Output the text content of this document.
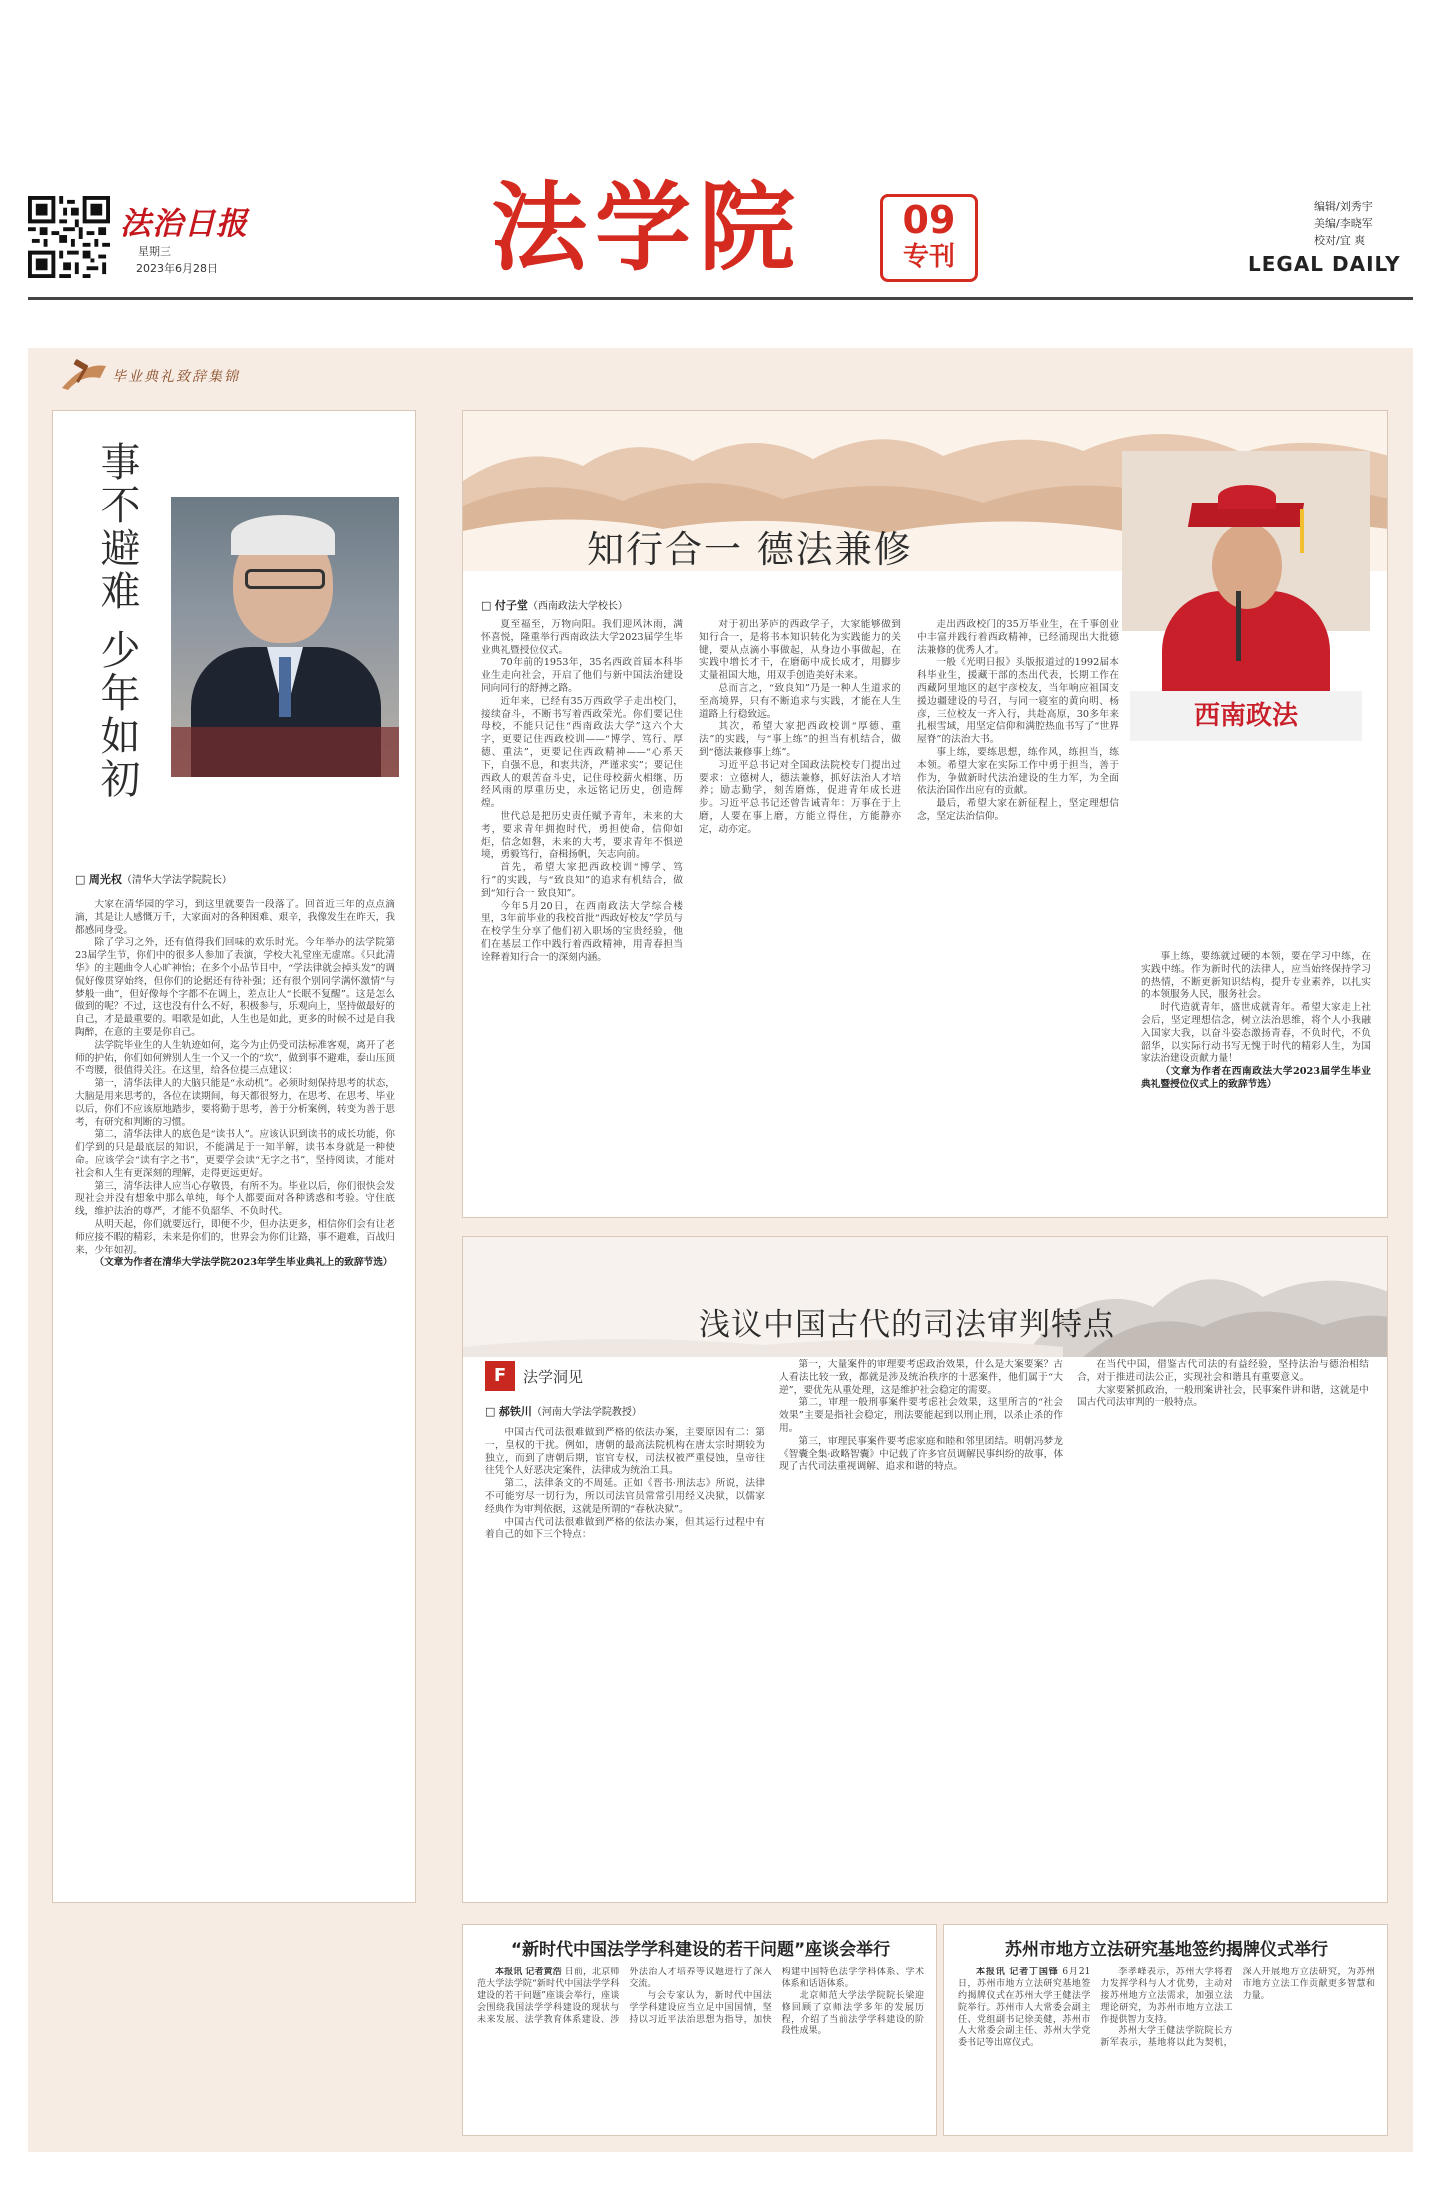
法治日报
星期三
2023年6月28日	法学院	09
专刊
编辑/刘秀宇
美编/李晓军
校对/宜 爽
LEGAL DAILY
毕业典礼致辞集锦
事不避难 少年如初
□ 周光权（清华大学法学院院长）

大家在清华园的学习，到这里就要告一段落了。回首近三年的点点滴滴，其是让人感慨万千，大家面对的各种困难、艰辛，我像发生在昨天，我都感同身受。

除了学习之外，还有值得我们回味的欢乐时光。今年举办的法学院第23届学生节，你们中的很多人参加了表演，学校大礼堂座无虚席。《只此清华》的主题曲令人心旷神怡；在多个小品节目中，“学法律就会掉头发”的调侃好像贯穿始终，但你们的论据还有待补强；还有很个别同学满怀激情“与梦般一曲”，但好像每个字都不在调上，差点让人“长眠不复醒”。这是怎么做到的呢？不过，这也没有什么不好，积极参与，乐观向上，坚持做最好的自己，才是最重要的。唱歌是如此，人生也是如此，更多的时候不过是自我陶醉，在意的主要是你自己。

法学院毕业生的人生轨迹如何，迄今为止仍受司法标准客观，离开了老师的护佑，你们如何辨别人生一个又一个的“坎”，做到事不避难，泰山压顶不弯腰，很值得关注。在这里，给各位提三点建议：

第一，清华法律人的大脑只能是“永动机”。必须时刻保持思考的状态，大脑是用来思考的，各位在读期间，每天都很努力，在思考、在思考、毕业以后，你们不应该原地踏步，要将勤于思考，善于分析案例，转变为善于思考，有研究和判断的习惯。

第二，清华法律人的底色是“读书人”。应该认识到读书的成长功能，你们学到的只是最底层的知识，不能满足于一知半解，读书本身就是一种使命。应该学会“读有字之书”，更要学会读“无字之书”，坚持阅读，才能对社会和人生有更深刻的理解，走得更远更好。

第三，清华法律人应当心存敬畏，有所不为。毕业以后，你们很快会发现社会并没有想象中那么单纯，每个人都要面对各种诱惑和考验。守住底线，维护法治的尊严，才能不负韶华、不负时代。

从明天起，你们就要远行，即便不少，但办法更多，相信你们会有让老师应接不暇的精彩，未来是你们的，世界会为你们让路，事不避难，百战归来，少年如初。

（文章为作者在清华大学法学院2023年学生毕业典礼上的致辞节选）

知行合一 德法兼修
西南政法
□ 付子堂（西南政法大学校长）

夏至福至，万物向阳。我们迎风沐雨，满怀喜悦，隆重举行西南政法大学2023届学生毕业典礼暨授位仪式。

70年前的1953年，35名西政首届本科毕业生走向社会，开启了他们与新中国法治建设同向同行的舒搏之路。

近年来，已经有35万西政学子走出校门，接续奋斗，不断书写着西政荣光。你们要记住母校，不能只记住“西南政法大学”这六个大字，更要记住西政校训——“博学、笃行、厚德、重法”，更要记住西政精神——“心系天下，自强不息，和衷共济，严谨求实”；要记住西政人的艰苦奋斗史，记住母校薪火相继、历经风雨的厚重历史，永远铭记历史，创造辉煌。

世代总是把历史责任赋予青年，未来的大考，要求青年拥抱时代，勇担使命，信仰如炬，信念如磐，未来的大考，要求青年不惧逆境，勇毅笃行，奋楫扬帆，矢志向前。

首先，希望大家把西政校训“博学、笃行”的实践，与“致良知”的追求有机结合，做到“知行合一 致良知”。

今年5月20日，在西南政法大学综合楼里，3年前毕业的我校首批“西政好校友”学员与在校学生分享了他们初入职场的宝贵经验，他们在基层工作中践行着西政精神，用青春担当诠释着知行合一的深刻内涵。

对于初出茅庐的西政学子，大家能够做到知行合一，是将书本知识转化为实践能力的关键，要从点滴小事做起，从身边小事做起，在实践中增长才干，在磨砺中成长成才，用脚步丈量祖国大地，用双手创造美好未来。

总而言之，“致良知”乃是一种人生道求的至高境界，只有不断追求与实践，才能在人生道路上行稳致远。

其次，希望大家把西政校训“厚德、重法”的实践，与“事上练”的担当有机结合，做到“德法兼修事上练”。

习近平总书记对全国政法院校专门提出过要求：立德树人，德法兼修，抓好法治人才培养；励志勤学，刻苦磨炼，促进青年成长进步。习近平总书记还曾告诫青年：万事在于上磨，人要在事上磨，方能立得住，方能静亦定，动亦定。

走出西政校门的35万毕业生，在千事创业中丰富并践行着西政精神，已经涌现出大批德法兼修的优秀人才。

一般《光明日报》头版报道过的1992届本科毕业生，援藏干部的杰出代表，长期工作在西藏阿里地区的赵宇彦校友，当年响应祖国支援边疆建设的号召，与同一寝室的黄向明、杨彦，三位校友一齐入行，共赴高原，30多年来扎根雪域，用坚定信仰和满腔热血书写了“世界屋脊”的法治大书。

事上练，要练思想，练作风，练担当，练本领。希望大家在实际工作中勇于担当，善于作为，争做新时代法治建设的生力军，为全面依法治国作出应有的贡献。

最后，希望大家在新征程上，坚定理想信念，坚定法治信仰。

事上练，要练就过硬的本领，要在学习中练，在实践中练。作为新时代的法律人，应当始终保持学习的热情，不断更新知识结构，提升专业素养，以扎实的本领服务人民，服务社会。

时代造就青年，盛世成就青年。希望大家走上社会后，坚定理想信念，树立法治思维，将个人小我融入国家大我，以奋斗姿态激扬青春，不负时代，不负韶华，以实际行动书写无愧于时代的精彩人生，为国家法治建设贡献力量！

（文章为作者在西南政法大学2023届学生毕业典礼暨授位仪式上的致辞节选）

浅议中国古代的司法审判特点
F	法学洞见
□ 郝铁川（河南大学法学院教授）

中国古代司法很难做到严格的依法办案，主要原因有二：第一，皇权的干扰。例如，唐朝的最高法院机构在唐太宗时期较为独立，而到了唐朝后期，宦官专权，司法权被严重侵蚀，皇帝往往凭个人好恶决定案件，法律成为统治工具。

第二，法律条文的不周延。正如《晋书·刑法志》所说，法律不可能穷尽一切行为，所以司法官员常常引用经义决狱，以儒家经典作为审判依据，这就是所谓的“春秋决狱”。

中国古代司法很难做到严格的依法办案，但其运行过程中有着自己的如下三个特点：

第一，大量案件的审理要考虑政治效果，什么是大案要案？古人看法比较一致，都就是涉及统治秩序的十恶案件，他们属于“大逆”，要优先从重处理，这是维护社会稳定的需要。

第二，审理一般刑事案件要考虑社会效果，这里所言的“社会效果”主要是指社会稳定，刑法要能起到以刑止刑，以杀止杀的作用。

第三，审理民事案件要考虑家庭和睦和邻里团结。明朝冯梦龙《智囊全集·政略智囊》中记载了许多官员调解民事纠纷的故事，体现了古代司法重视调解、追求和谐的特点。

在当代中国，借鉴古代司法的有益经验，坚持法治与德治相结合，对于推进司法公正，实现社会和谐具有重要意义。

大家要紧抓政治，一般刑案讲社会，民事案件讲和谐，这就是中国古代司法审判的一般特点。

“新时代中国法学学科建设的若干问题”座谈会举行

本报讯 记者黄浩 日前，北京师范大学法学院“新时代中国法学学科建设的若干问题”座谈会举行，座谈会围绕我国法学学科建设的现状与未来发展、法学教育体系建设、涉外法治人才培养等议题进行了深入交流。

与会专家认为，新时代中国法学学科建设应当立足中国国情，坚持以习近平法治思想为指导，加快构建中国特色法学学科体系、学术体系和话语体系。

北京师范大学法学院院长梁迎修回顾了京师法学多年的发展历程，介绍了当前法学学科建设的阶段性成果。

苏州市地方立法研究基地签约揭牌仪式举行

本报讯 记者丁国锋 6月21日，苏州市地方立法研究基地签约揭牌仪式在苏州大学王健法学院举行。苏州市人大常委会副主任、党组副书记徐美健，苏州市人大常委会副主任、苏州大学党委书记等出席仪式。

李孝峰表示，苏州大学将着力发挥学科与人才优势，主动对接苏州地方立法需求，加强立法理论研究，为苏州市地方立法工作提供智力支持。

苏州大学王健法学院院长方新军表示，基地将以此为契机，深入开展地方立法研究，为苏州市地方立法工作贡献更多智慧和力量。
